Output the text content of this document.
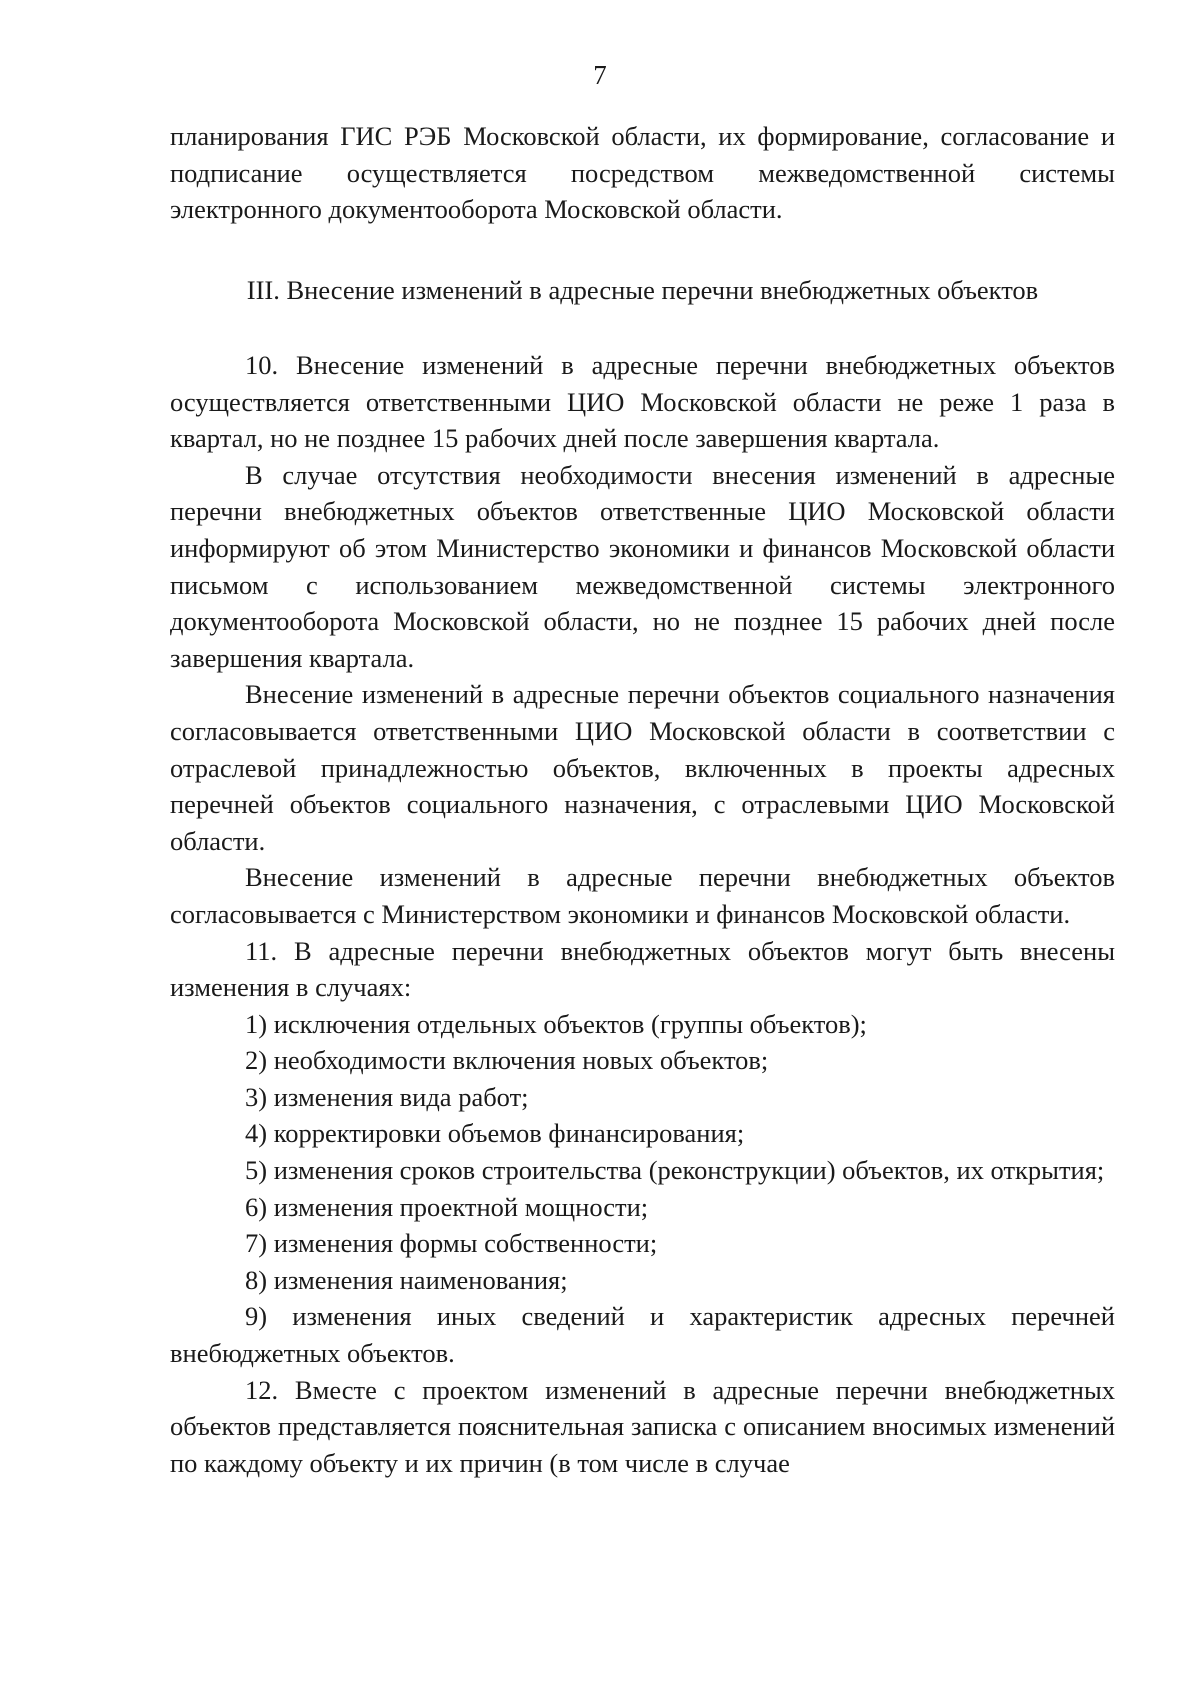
7

планирования ГИС РЭБ Московской области, их формирование, согласование и подписание осуществляется посредством межведомственной системы электронного документооборота Московской области.

III. Внесение изменений в адресные перечни внебюджетных объектов

10. Внесение изменений в адресные перечни внебюджетных объектов осуществляется ответственными ЦИО Московской области не реже 1 раза в квартал, но не позднее 15 рабочих дней после завершения квартала.

В случае отсутствия необходимости внесения изменений в адресные перечни внебюджетных объектов ответственные ЦИО Московской области информируют об этом Министерство экономики и финансов Московской области письмом с использованием межведомственной системы электронного документооборота Московской области, но не позднее 15 рабочих дней после завершения квартала.

Внесение изменений в адресные перечни объектов социального назначения согласовывается ответственными ЦИО Московской области в соответствии с отраслевой принадлежностью объектов, включенных в проекты адресных перечней объектов социального назначения, с отраслевыми ЦИО Московской области.

Внесение изменений в адресные перечни внебюджетных объектов согласовывается с Министерством экономики и финансов Московской области.

11. В адресные перечни внебюджетных объектов могут быть внесены изменения в случаях:

1) исключения отдельных объектов (группы объектов);

2) необходимости включения новых объектов;

3) изменения вида работ;

4) корректировки объемов финансирования;

5) изменения сроков строительства (реконструкции) объектов, их открытия;

6) изменения проектной мощности;

7) изменения формы собственности;

8) изменения наименования;

9) изменения иных сведений и характеристик адресных перечней внебюджетных объектов.

12. Вместе с проектом изменений в адресные перечни внебюджетных объектов представляется пояснительная записка с описанием вносимых изменений по каждому объекту и их причин (в том числе в случае
